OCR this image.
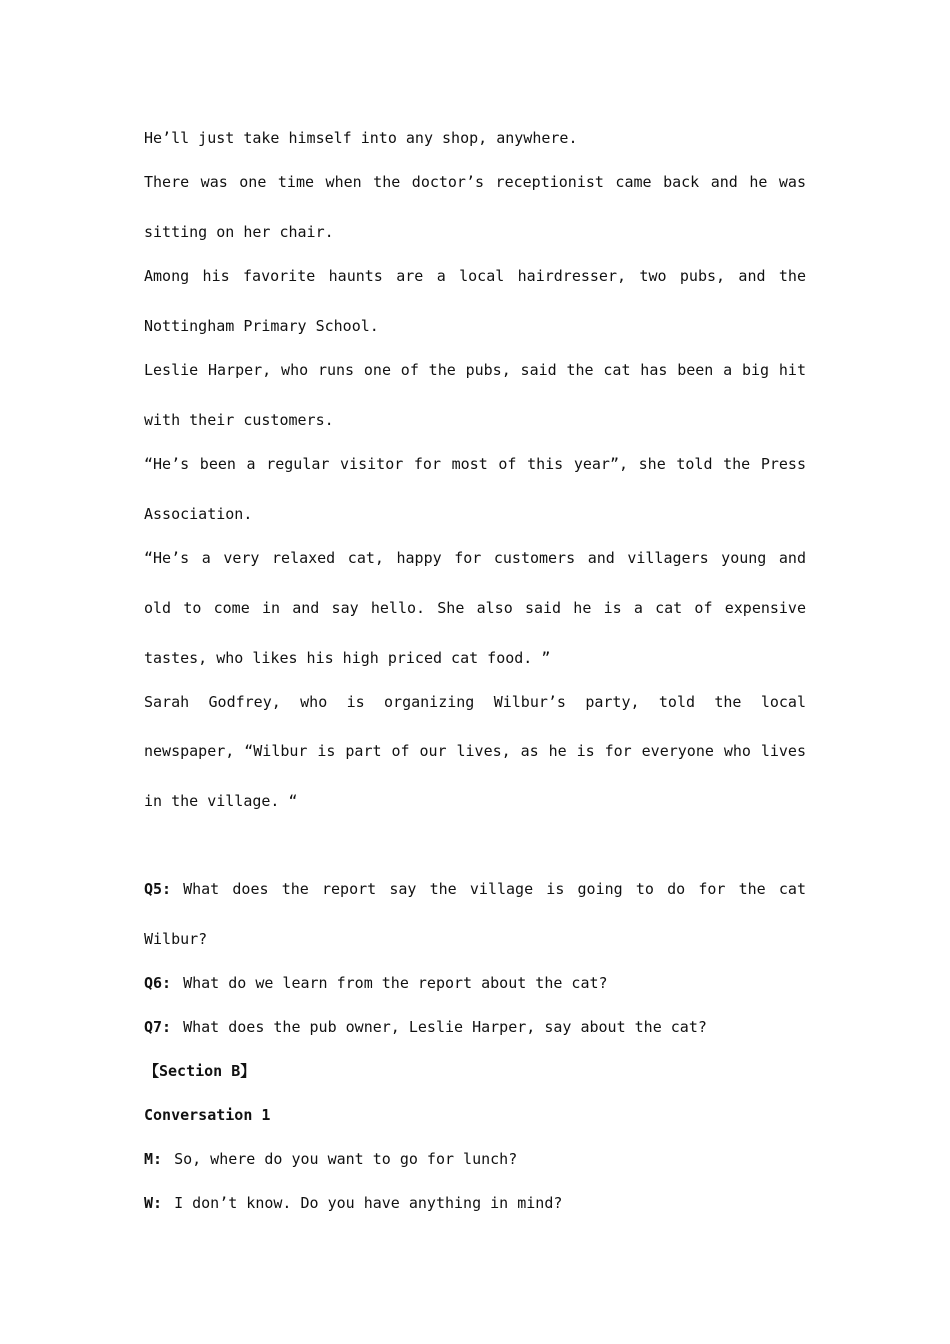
He’ll just take himself into any shop, anywhere.
There was one time when the doctor’s receptionist came back and he was
sitting on her chair.
Among his favorite haunts are a local hairdresser, two pubs, and the
Nottingham Primary School.
Leslie Harper, who runs one of the pubs, said the cat has been a big hit
with their customers.
“He’s been a regular visitor for most of this year”, she told the Press
Association.
“He’s a very relaxed cat, happy for customers and villagers young and
old to come in and say hello. She also said he is a cat of expensive
tastes, who likes his high priced cat food. ”
Sarah Godfrey, who is organizing Wilbur’s party, told the local
newspaper, “Wilbur is part of our lives, as he is for everyone who lives
in the village. “
Q5: What does the report say the village is going to do for the cat
Wilbur?
Q6: What do we learn from the report about the cat?
Q7: What does the pub owner, Leslie Harper, say about the cat?
【Section B】
Conversation 1
M: So, where do you want to go for lunch?
W: I don’t know. Do you have anything in mind?
